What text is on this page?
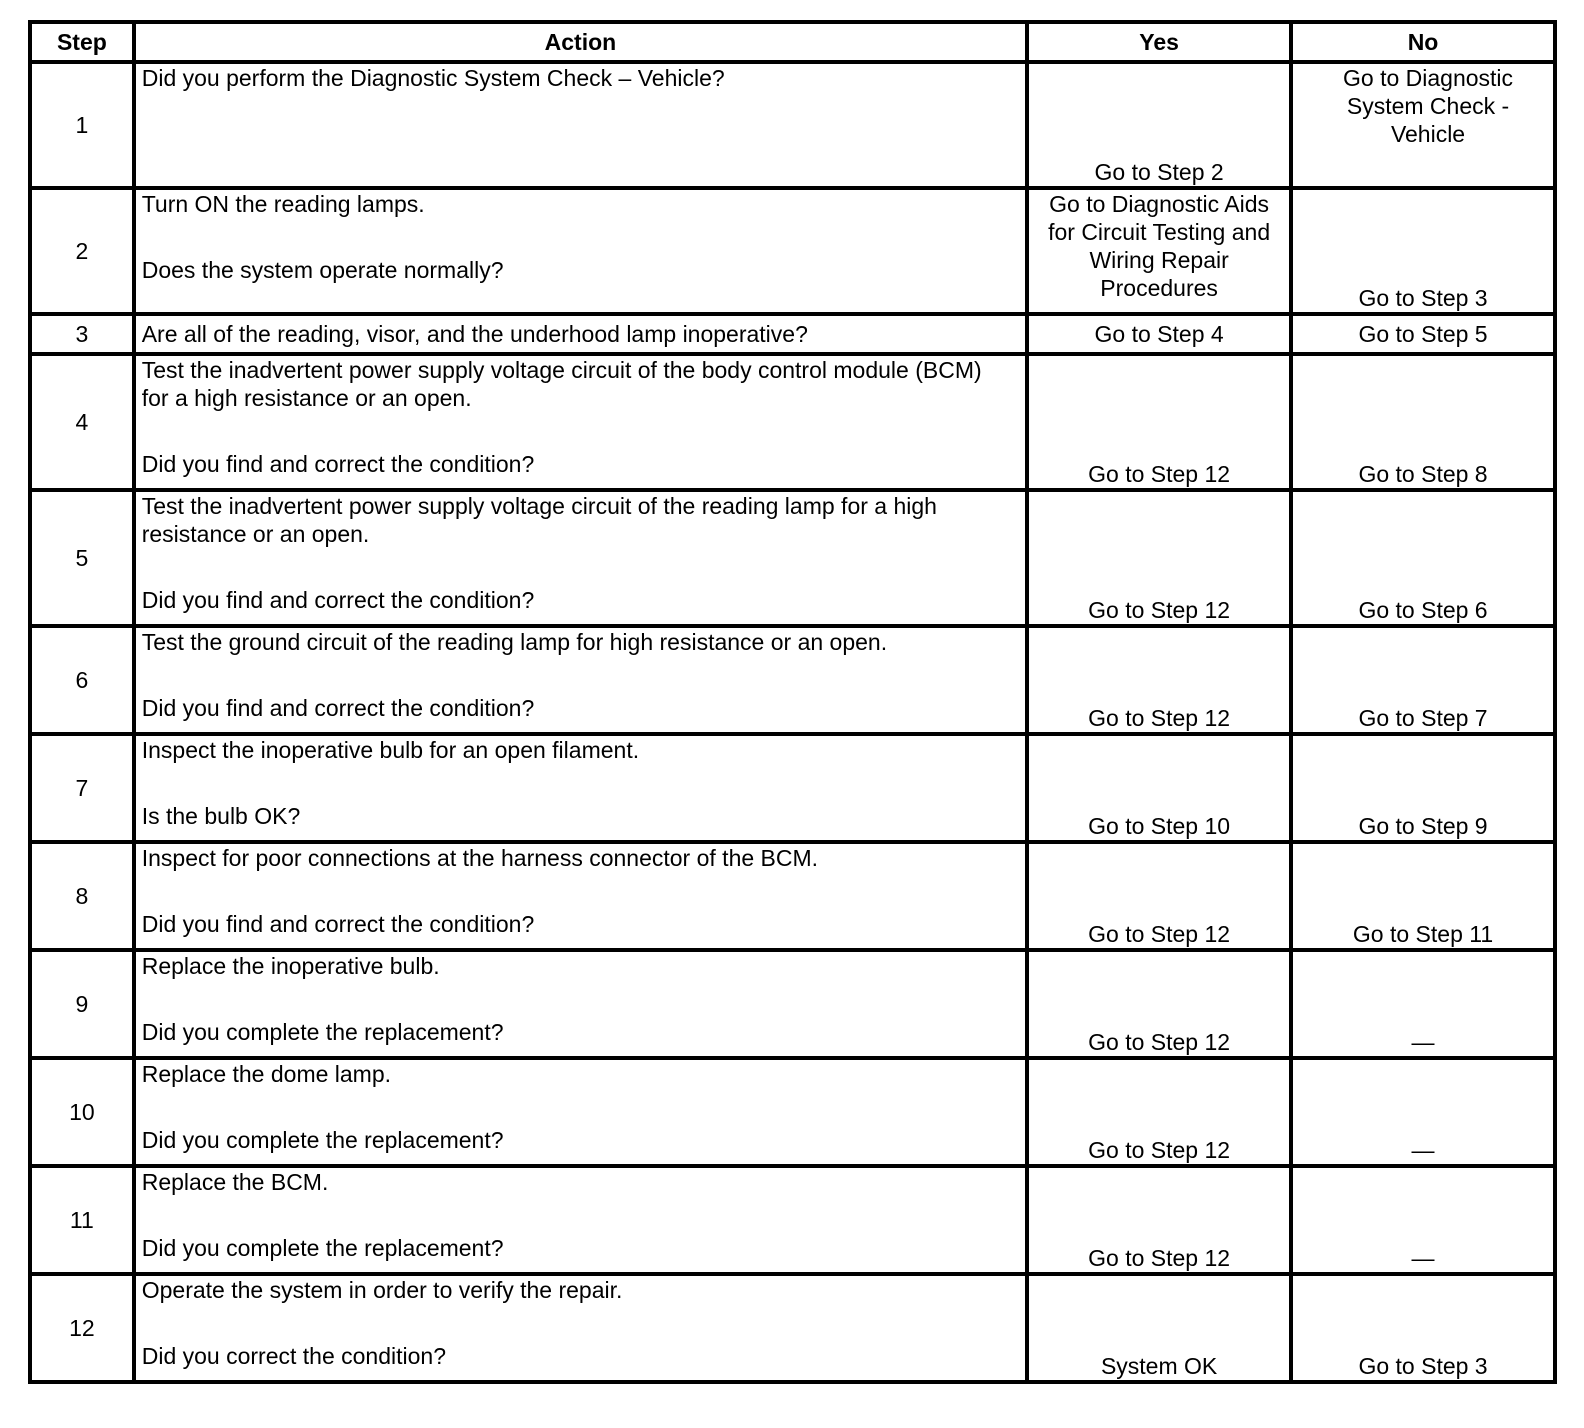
Step	Action	Yes	No
1	Did you perform the Diagnostic System Check – Vehicle?	Go to Step 2	Go to Diagnostic System Check - Vehicle

2	Turn ON the reading lamps.
Does the system operate normally?	Go to Diagnostic Aids for Circuit Testing and Wiring Repair Procedures	Go to Step 3
3	Are all of the reading, visor, and the underhood lamp inoperative?	Go to Step 4	Go to Step 5
4	Test the inadvertent power supply voltage circuit of the body control module (BCM) for a high resistance or an open.
Did you find and correct the condition?	Go to Step 12	Go to Step 8
5	Test the inadvertent power supply voltage circuit of the reading lamp for a high resistance or an open.
Did you find and correct the condition?	Go to Step 12	Go to Step 6
6	Test the ground circuit of the reading lamp for high resistance or an open.
Did you find and correct the condition?	Go to Step 12	Go to Step 7
7	Inspect the inoperative bulb for an open filament.
Is the bulb OK?	Go to Step 10	Go to Step 9
8	Inspect for poor connections at the harness connector of the BCM.
Did you find and correct the condition?	Go to Step 12	Go to Step 11
9	Replace the inoperative bulb.
Did you complete the replacement?	Go to Step 12	—
10	Replace the dome lamp.
Did you complete the replacement?	Go to Step 12	—
11	Replace the BCM.
Did you complete the replacement?	Go to Step 12	—
12	Operate the system in order to verify the repair.
Did you correct the condition?	System OK	Go to Step 3
